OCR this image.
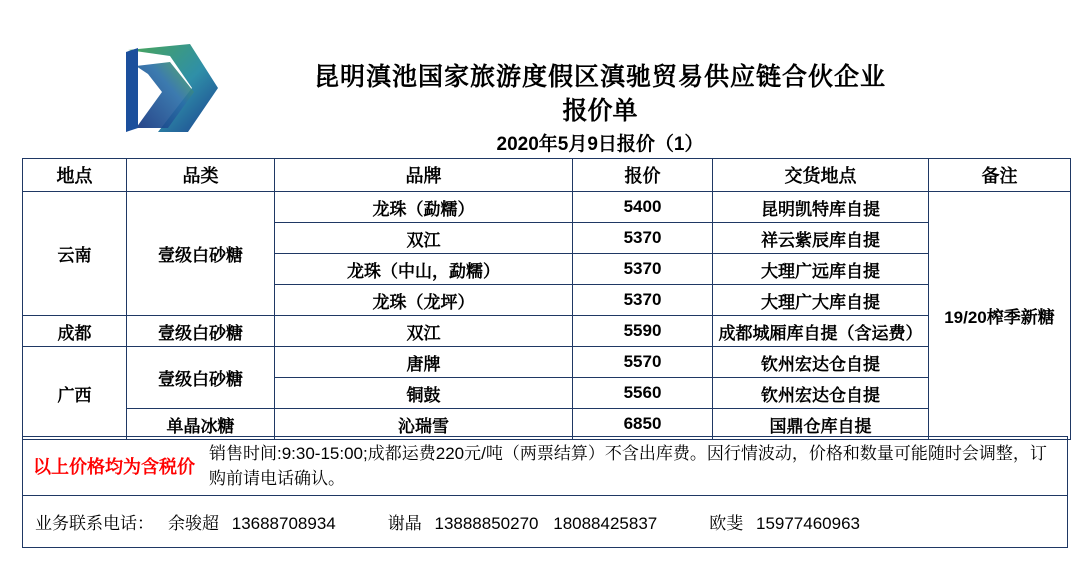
昆明滇池国家旅游度假区滇驰贸易供应链合伙企业
报价单
2020年5月9日报价（1）
地点	品类	品牌	报价	交货地点	备注
云南	壹级白砂糖	龙珠（勐糯）	5400	昆明凯特库自提	19/20榨季新糖
		双江	5370	祥云紫辰库自提	
		龙珠（中山，勐糯）	5370	大理广远库自提	
		龙珠（龙坪）	5370	大理广大库自提	
成都	壹级白砂糖	双江	5590	成都城厢库自提（含运费）	
广西	壹级白砂糖	唐牌	5570	钦州宏达仓自提	
		铜鼓	5560	钦州宏达仓自提	
	单晶冰糖	沁瑞雪	6850	国鼎仓库自提	
以上价格均为含税价
销售时间:9:30-15:00;成都运费220元/吨（两票结算）不含出库费。因行情波动，价格和数量可能随时会调整，订购前请电话确认。
业务联系电话： 余骏超 13688708934	谢晶 13888850270 18088425837	欧斐 15977460963
